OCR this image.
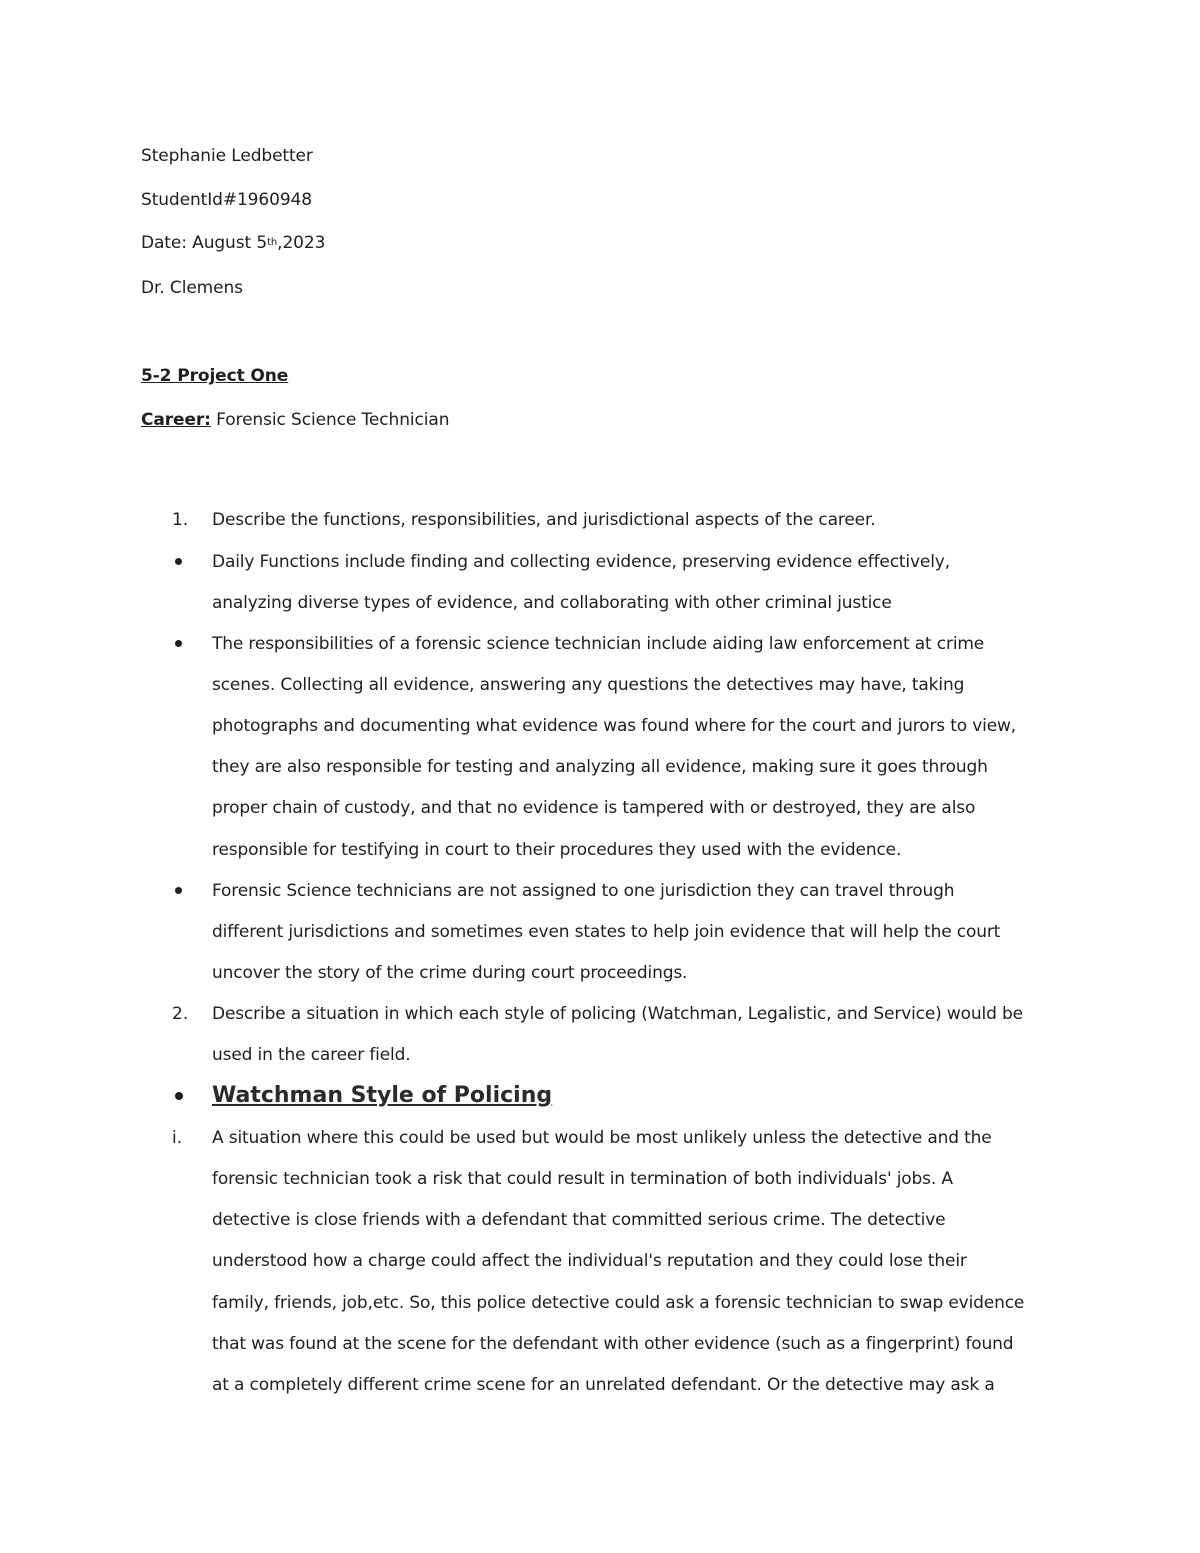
Stephanie Ledbetter
StudentId#1960948
Date: August 5th,2023
Dr. Clemens
5-2 Project One
Career: Forensic Science Technician
1. Describe the functions, responsibilities, and jurisdictional aspects of the career.
Daily Functions include finding and collecting evidence, preserving evidence effectively,
analyzing diverse types of evidence, and collaborating with other criminal justice
The responsibilities of a forensic science technician include aiding law enforcement at crime
scenes. Collecting all evidence, answering any questions the detectives may have, taking
photographs and documenting what evidence was found where for the court and jurors to view,
they are also responsible for testing and analyzing all evidence, making sure it goes through
proper chain of custody, and that no evidence is tampered with or destroyed, they are also
responsible for testifying in court to their procedures they used with the evidence.
Forensic Science technicians are not assigned to one jurisdiction they can travel through
different jurisdictions and sometimes even states to help join evidence that will help the court
uncover the story of the crime during court proceedings.
2. Describe a situation in which each style of policing (Watchman, Legalistic, and Service) would be
used in the career field.
Watchman Style of Policing
i. A situation where this could be used but would be most unlikely unless the detective and the
forensic technician took a risk that could result in termination of both individuals' jobs. A
detective is close friends with a defendant that committed serious crime. The detective
understood how a charge could affect the individual's reputation and they could lose their
family, friends, job,etc. So, this police detective could ask a forensic technician to swap evidence
that was found at the scene for the defendant with other evidence (such as a fingerprint) found
at a completely different crime scene for an unrelated defendant. Or the detective may ask a
